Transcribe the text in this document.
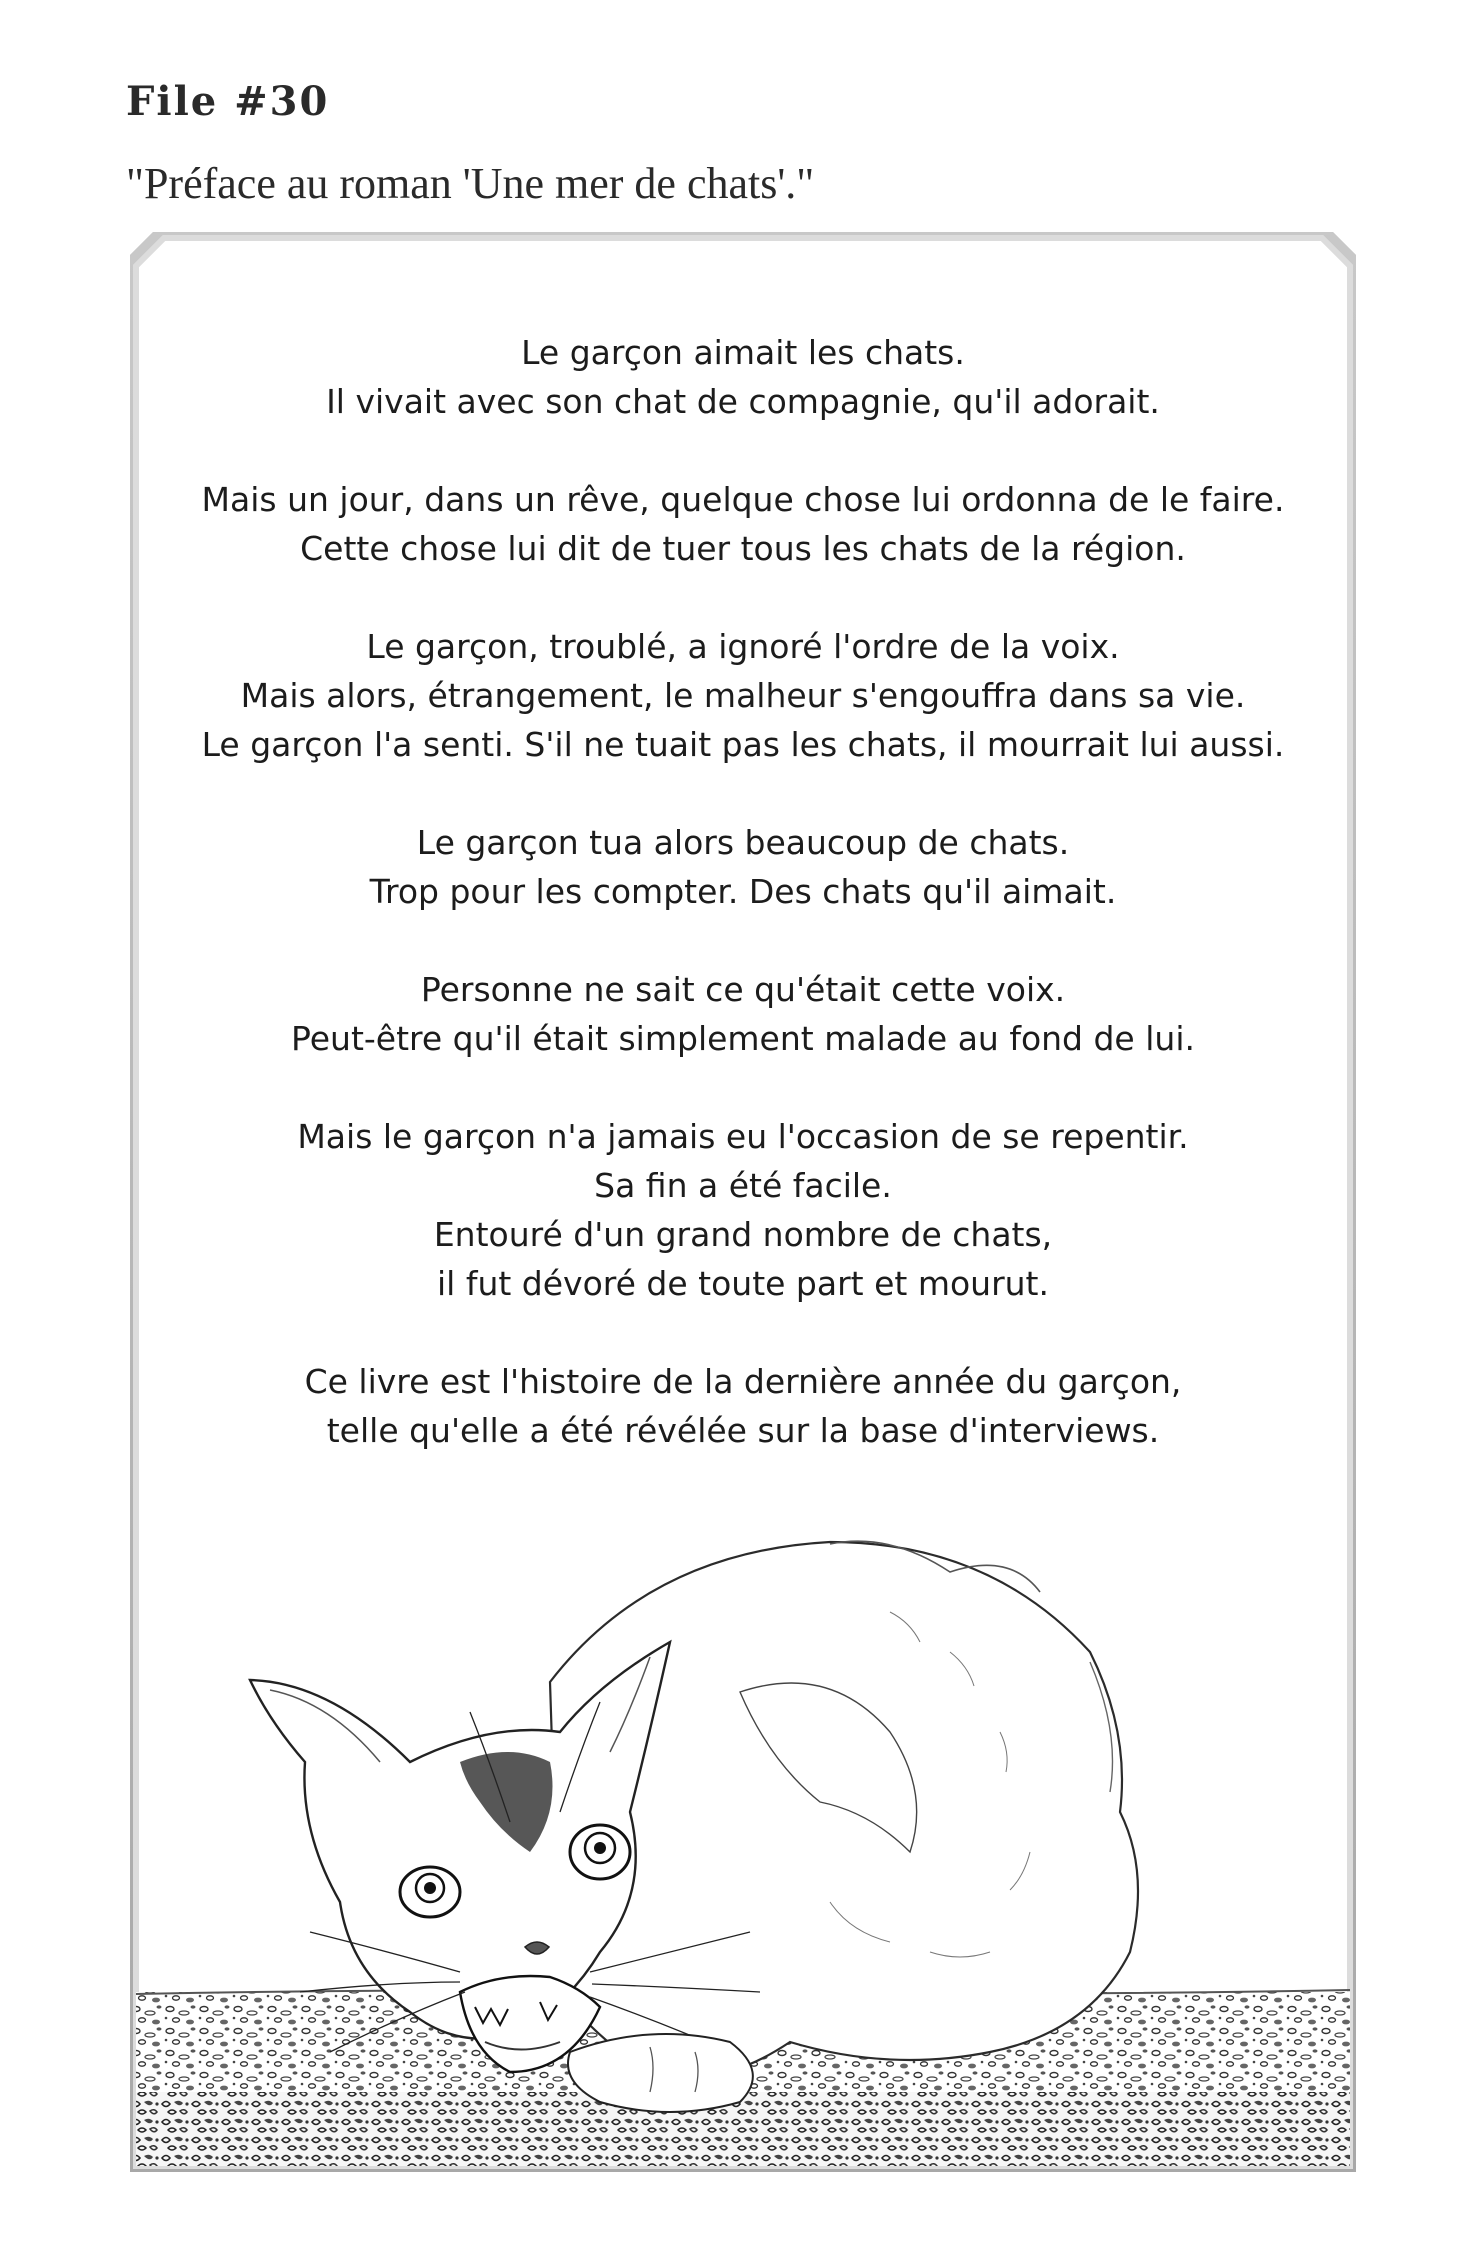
File #30
"Préface au roman 'Une mer de chats'."
Le garçon aimait les chats.
Il vivait avec son chat de compagnie, qu'il adorait.
Mais un jour, dans un rêve, quelque chose lui ordonna de le faire.
Cette chose lui dit de tuer tous les chats de la région.
Le garçon, troublé, a ignoré l'ordre de la voix.
Mais alors, étrangement, le malheur s'engouffra dans sa vie.
Le garçon l'a senti. S'il ne tuait pas les chats, il mourrait lui aussi.
Le garçon tua alors beaucoup de chats.
Trop pour les compter. Des chats qu'il aimait.
Personne ne sait ce qu'était cette voix.
Peut-être qu'il était simplement malade au fond de lui.
Mais le garçon n'a jamais eu l'occasion de se repentir.
Sa fin a été facile.
Entouré d'un grand nombre de chats,
il fut dévoré de toute part et mourut.
Ce livre est l'histoire de la dernière année du garçon,
telle qu'elle a été révélée sur la base d'interviews.
